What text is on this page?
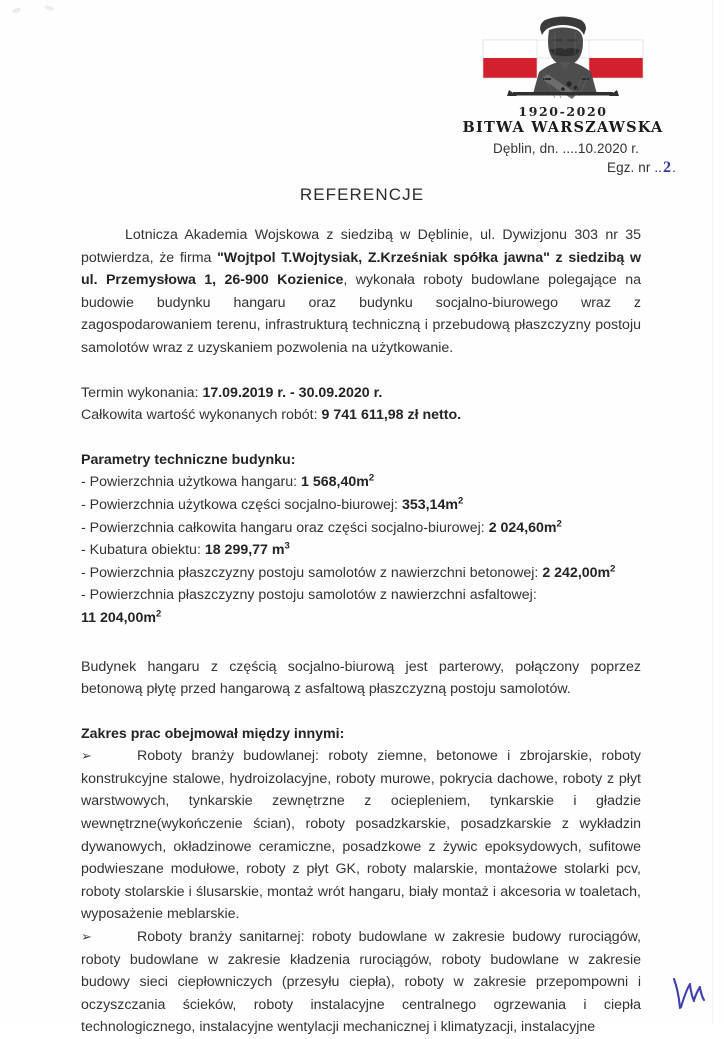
1920-2020
BITWA WARSZAWSKA
Dęblin, dn. ....10.2020 r.
Egz. nr ..2.
REFERENCJE

Lotnicza Akademia Wojskowa z siedzibą w Dęblinie, ul. Dywizjonu 303 nr 35 potwierdza, że firma "Wojtpol T.Wojtysiak, Z.Krześniak spółka jawna" z siedzibą w ul. Przemysłowa 1, 26-900 Kozienice, wykonała roboty budowlane polegające na budowie budynku hangaru oraz budynku socjalno-biurowego wraz z zagospodarowaniem terenu, infrastrukturą techniczną i przebudową płaszczyzny postoju samolotów wraz z uzyskaniem pozwolenia na użytkowanie.

Termin wykonania: 17.09.2019 r. - 30.09.2020 r.

Całkowita wartość wykonanych robót: 9 741 611,98 zł netto.

Parametry techniczne budynku:

- Powierzchnia użytkowa hangaru: 1 $568,40m^2$

- Powierzchnia użytkowa części socjalno-biurowej: $353,14m^2$

- Powierzchnia całkowita hangaru oraz części socjalno-biurowej: 2 $024,60m^2$

- Kubatura obiektu: 18 299,77 $m^3$

- Powierzchnia płaszczyzny postoju samolotów z nawierzchni betonowej: 2 $242,00m^2$

- Powierzchnia płaszczyzny postoju samolotów z nawierzchni asfaltowej:

11 $204,00m^2$

Budynek hangaru z częścią socjalno-biurową jest parterowy, połączony poprzez betonową płytę przed hangarową z asfaltową płaszczyzną postoju samolotów.

Zakres prac obejmował między innymi:

➢	Roboty branży budowlanej: roboty ziemne, betonowe i zbrojarskie, roboty konstrukcyjne stalowe, hydroizolacyjne, roboty murowe, pokrycia dachowe, roboty z płyt warstwowych, tynkarskie zewnętrzne z ociepleniem, tynkarskie i gładzie wewnętrzne(wykończenie ścian), roboty posadzkarskie, posadzkarskie z wykładzin dywanowych, okładzinowe ceramiczne, posadzkowe z żywic epoksydowych, sufitowe podwieszane modułowe, roboty z płyt GK, roboty malarskie, montażowe stolarki pcv, roboty stolarskie i ślusarskie, montaż wrót hangaru, biały montaż i akcesoria w toaletach, wyposażenie meblarskie.

➢	Roboty branży sanitarnej: roboty budowlane w zakresie budowy rurociągów, roboty budowlane w zakresie kładzenia rurociągów, roboty budowlane w zakresie budowy sieci ciepłowniczych (przesyłu ciepła), roboty w zakresie przepompowni i oczyszczania ścieków, roboty instalacyjne centralnego ogrzewania i ciepła technologicznego, instalacyjne wentylacji mechanicznej i klimatyzacji, instalacyjne
